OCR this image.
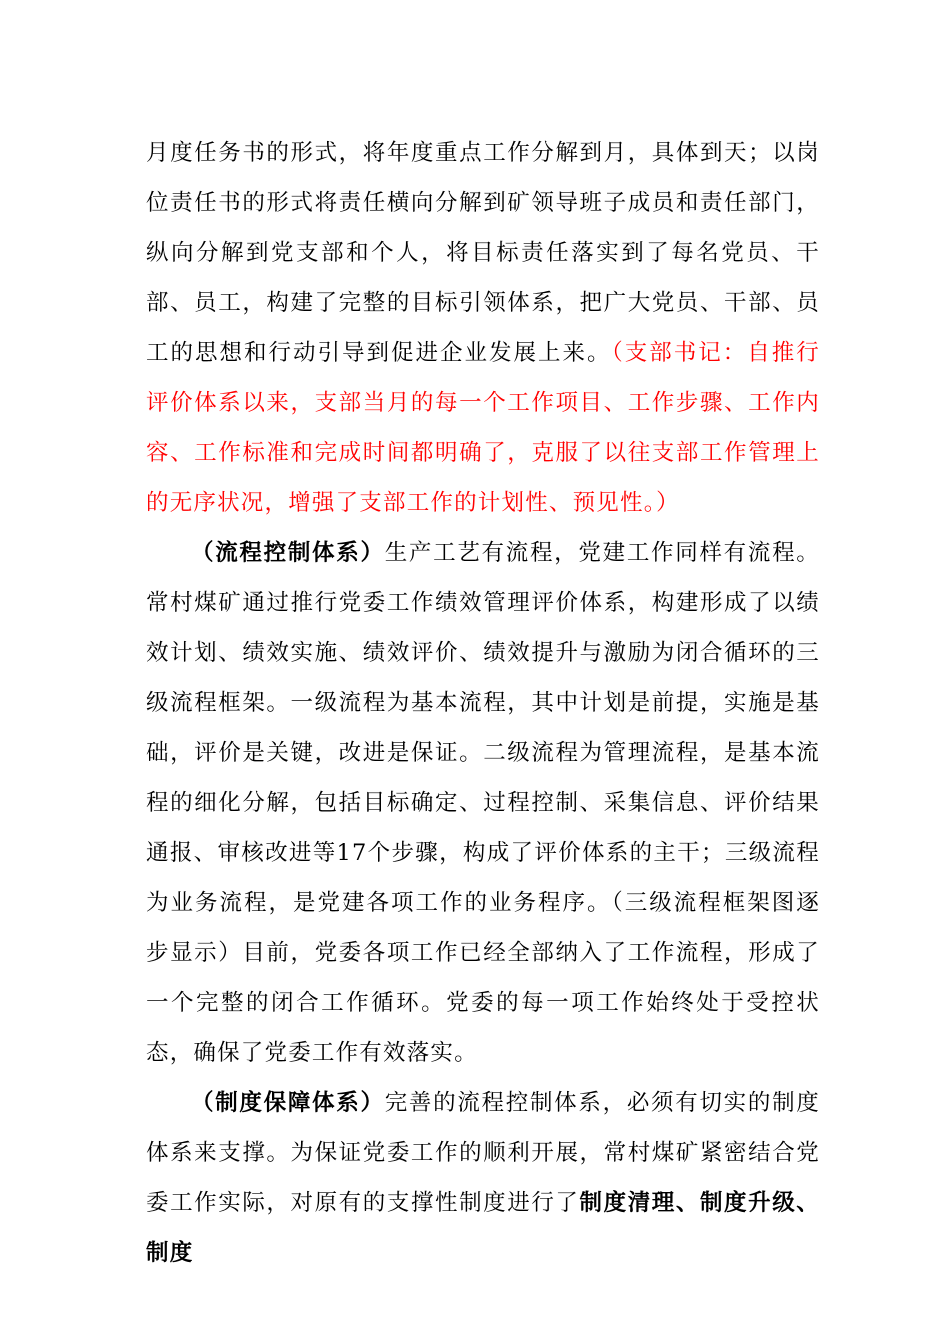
月度任务书的形式，将年度重点工作分解到月，具体到天；以岗位责任书的形式将责任横向分解到矿领导班子成员和责任部门，纵向分解到党支部和个人，将目标责任落实到了每名党员、干部、员工，构建了完整的目标引领体系，把广大党员、干部、员工的思想和行动引导到促进企业发展上来。（支部书记：自推行评价体系以来，支部当月的每一个工作项目、工作步骤、工作内容、工作标准和完成时间都明确了，克服了以往支部工作管理上的无序状况，增强了支部工作的计划性、预见性。）

（流程控制体系）生产工艺有流程，党建工作同样有流程。常村煤矿通过推行党委工作绩效管理评价体系，构建形成了以绩效计划、绩效实施、绩效评价、绩效提升与激励为闭合循环的三级流程框架。一级流程为基本流程，其中计划是前提，实施是基础，评价是关键，改进是保证。二级流程为管理流程，是基本流程的细化分解，包括目标确定、过程控制、采集信息、评价结果通报、审核改进等17个步骤，构成了评价体系的主干；三级流程为业务流程，是党建各项工作的业务程序。（三级流程框架图逐步显示）目前，党委各项工作已经全部纳入了工作流程，形成了一个完整的闭合工作循环。党委的每一项工作始终处于受控状态，确保了党委工作有效落实。

（制度保障体系）完善的流程控制体系，必须有切实的制度体系来支撑。为保证党委工作的顺利开展，常村煤矿紧密结合党委工作实际，对原有的支撑性制度进行了制度清理、制度升级、制度
